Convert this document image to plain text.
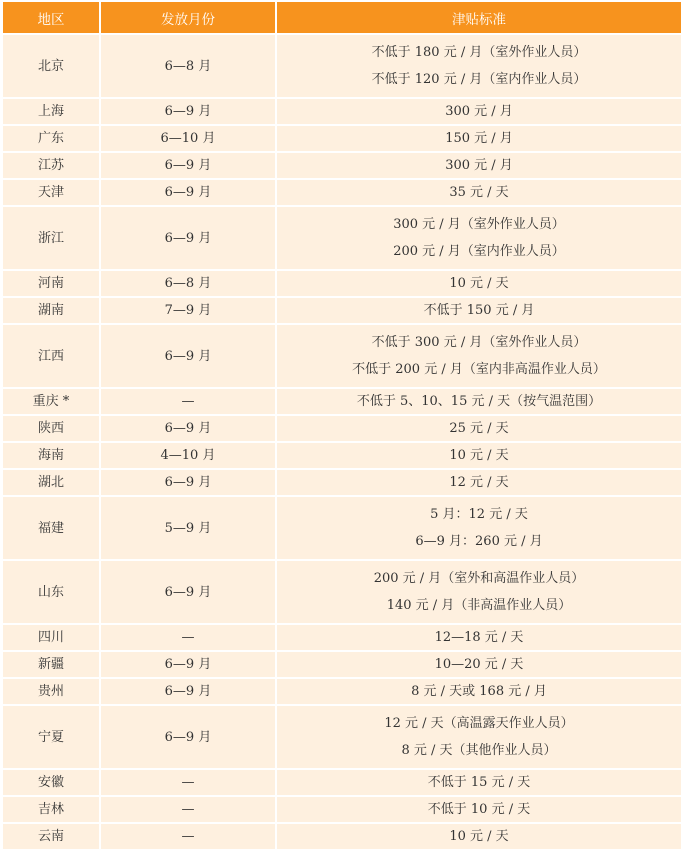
地区	发放月份	津贴标准
北京	6—8 月	不低于 180 元 / 月（室外作业人员）
不低于 120 元 / 月（室内作业人员）

上海	6—9 月	300 元 / 月
广东	6—10 月	150 元 / 月
江苏	6—9 月	300 元 / 月
天津	6—9 月	35 元 / 天
浙江	6—9 月	300 元 / 月（室外作业人员）
200 元 / 月（室内作业人员）

河南	6—8 月	10 元 / 天
湖南	7—9 月	不低于 150 元 / 月
江西	6—9 月	不低于 300 元 / 月（室外作业人员）
不低于 200 元 / 月（室内非高温作业人员）

重庆 *	—	不低于 5、10、15 元 / 天（按气温范围）
陕西	6—9 月	25 元 / 天
海南	4—10 月	10 元 / 天
湖北	6—9 月	12 元 / 天
福建	5—9 月	5 月：12 元 / 天
6—9 月：260 元 / 月

山东	6—9 月	200 元 / 月（室外和高温作业人员）
140 元 / 月（非高温作业人员）

四川	—	12—18 元 / 天
新疆	6—9 月	10—20 元 / 天
贵州	6—9 月	8 元 / 天或 168 元 / 月
宁夏	6—9 月	12 元 / 天（高温露天作业人员）
8 元 / 天（其他作业人员）

安徽	—	不低于 15 元 / 天
吉林	—	不低于 10 元 / 天
云南	—	10 元 / 天
